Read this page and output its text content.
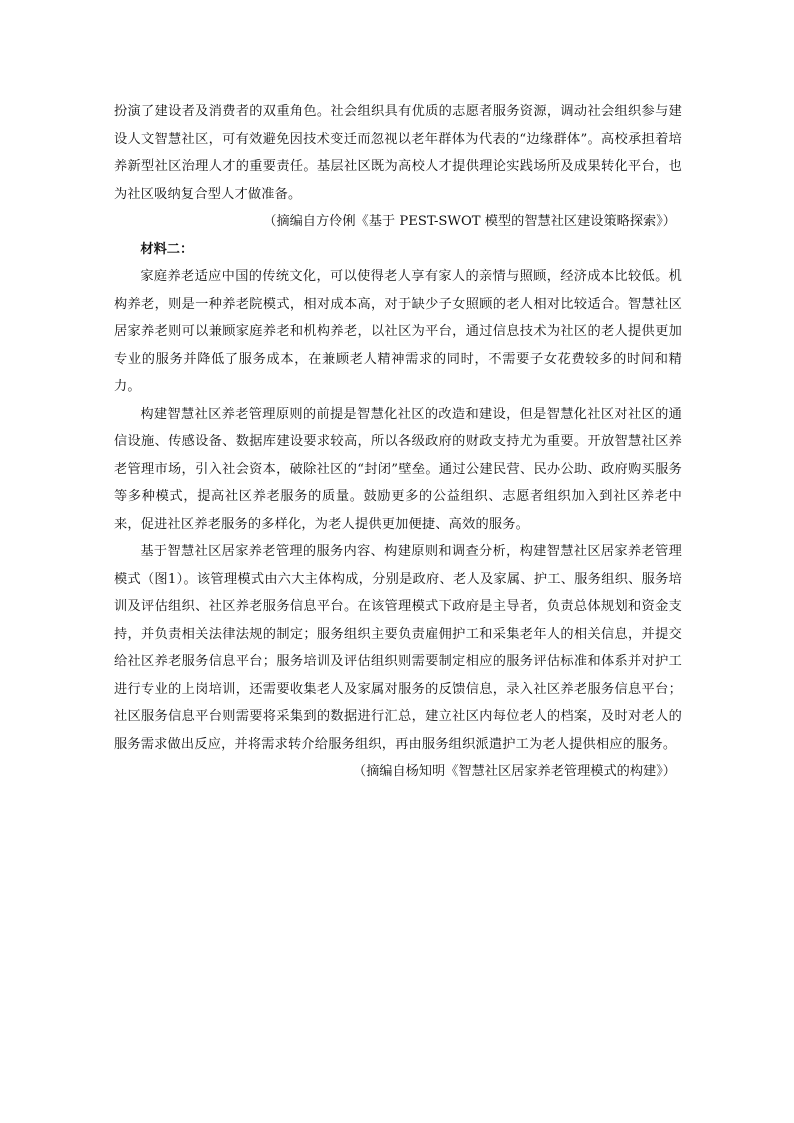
扮演了建设者及消费者的双重角色。社会组织具有优质的志愿者服务资源，调动社会组织参与建设人文智慧社区，可有效避免因技术变迁而忽视以老年群体为代表的“边缘群体”。高校承担着培养新型社区治理人才的重要责任。基层社区既为高校人才提供理论实践场所及成果转化平台，也为社区吸纳复合型人才做准备。

（摘编自方伶俐《基于 PEST-SWOT 模型的智慧社区建设策略探索》）

材料二：

家庭养老适应中国的传统文化，可以使得老人享有家人的亲情与照顾，经济成本比较低。机构养老，则是一种养老院模式，相对成本高，对于缺少子女照顾的老人相对比较适合。智慧社区居家养老则可以兼顾家庭养老和机构养老，以社区为平台，通过信息技术为社区的老人提供更加专业的服务并降低了服务成本，在兼顾老人精神需求的同时，不需要子女花费较多的时间和精力。

构建智慧社区养老管理原则的前提是智慧化社区的改造和建设，但是智慧化社区对社区的通信设施、传感设备、数据库建设要求较高，所以各级政府的财政支持尤为重要。开放智慧社区养老管理市场，引入社会资本，破除社区的“封闭”壁垒。通过公建民营、民办公助、政府购买服务等多种模式，提高社区养老服务的质量。鼓励更多的公益组织、志愿者组织加入到社区养老中来，促进社区养老服务的多样化，为老人提供更加便捷、高效的服务。

基于智慧社区居家养老管理的服务内容、构建原则和调查分析，构建智慧社区居家养老管理模式（图1）。该管理模式由六大主体构成，分别是政府、老人及家属、护工、服务组织、服务培训及评估组织、社区养老服务信息平台。在该管理模式下政府是主导者，负责总体规划和资金支持，并负责相关法律法规的制定；服务组织主要负责雇佣护工和采集老年人的相关信息，并提交给社区养老服务信息平台；服务培训及评估组织则需要制定相应的服务评估标准和体系并对护工进行专业的上岗培训，还需要收集老人及家属对服务的反馈信息，录入社区养老服务信息平台；社区服务信息平台则需要将采集到的数据进行汇总，建立社区内每位老人的档案，及时对老人的服务需求做出反应，并将需求转介给服务组织，再由服务组织派遣护工为老人提供相应的服务。

（摘编自杨知明《智慧社区居家养老管理模式的构建》）
